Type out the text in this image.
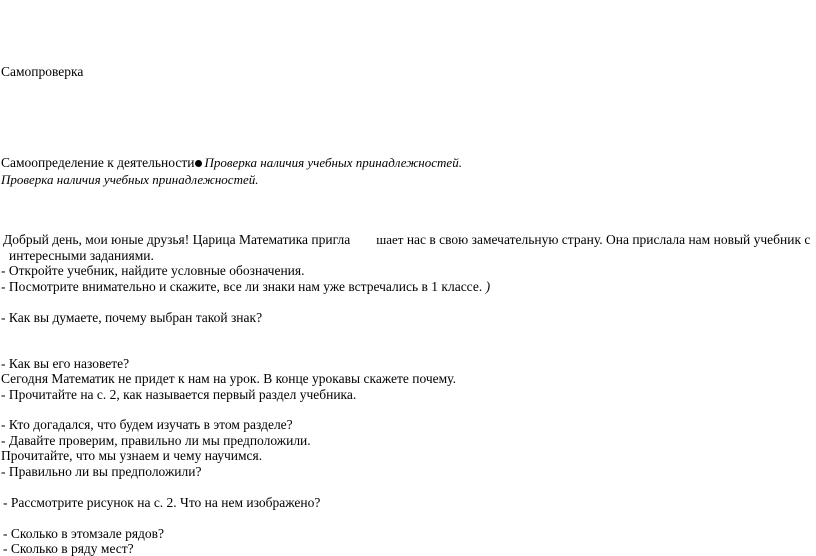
Самопроверка
Самоопределение к деятельности Проверка наличия учебных принадлежностей.
Проверка наличия учебных принадлежностей.
Добрый день, мои юные друзья! Царица Математика пригла шает нас в свою замечательную страну. Она прислала нам новый учебник с
интересными заданиями.
- Откройте учебник, найдите условные обозначения.
- Посмотрите внимательно и скажите, все ли знаки нам уже встречались в 1 классе. )
- Как вы думаете, почему выбран такой знак?
- Как вы его назовете?
Сегодня Математик не придет к нам на урок. В конце урокавы скажете почему.
- Прочитайте на с. 2, как называется первый раздел учебника.
- Кто догадался, что будем изучать в этом разделе?
- Давайте проверим, правильно ли мы предположили.
Прочитайте, что мы узнаем и чему научимся.
- Правильно ли вы предположили?
- Рассмотрите рисунок на с. 2. Что на нем изображено?
- Сколько в этомзале рядов?
- Сколько в ряду мест?
